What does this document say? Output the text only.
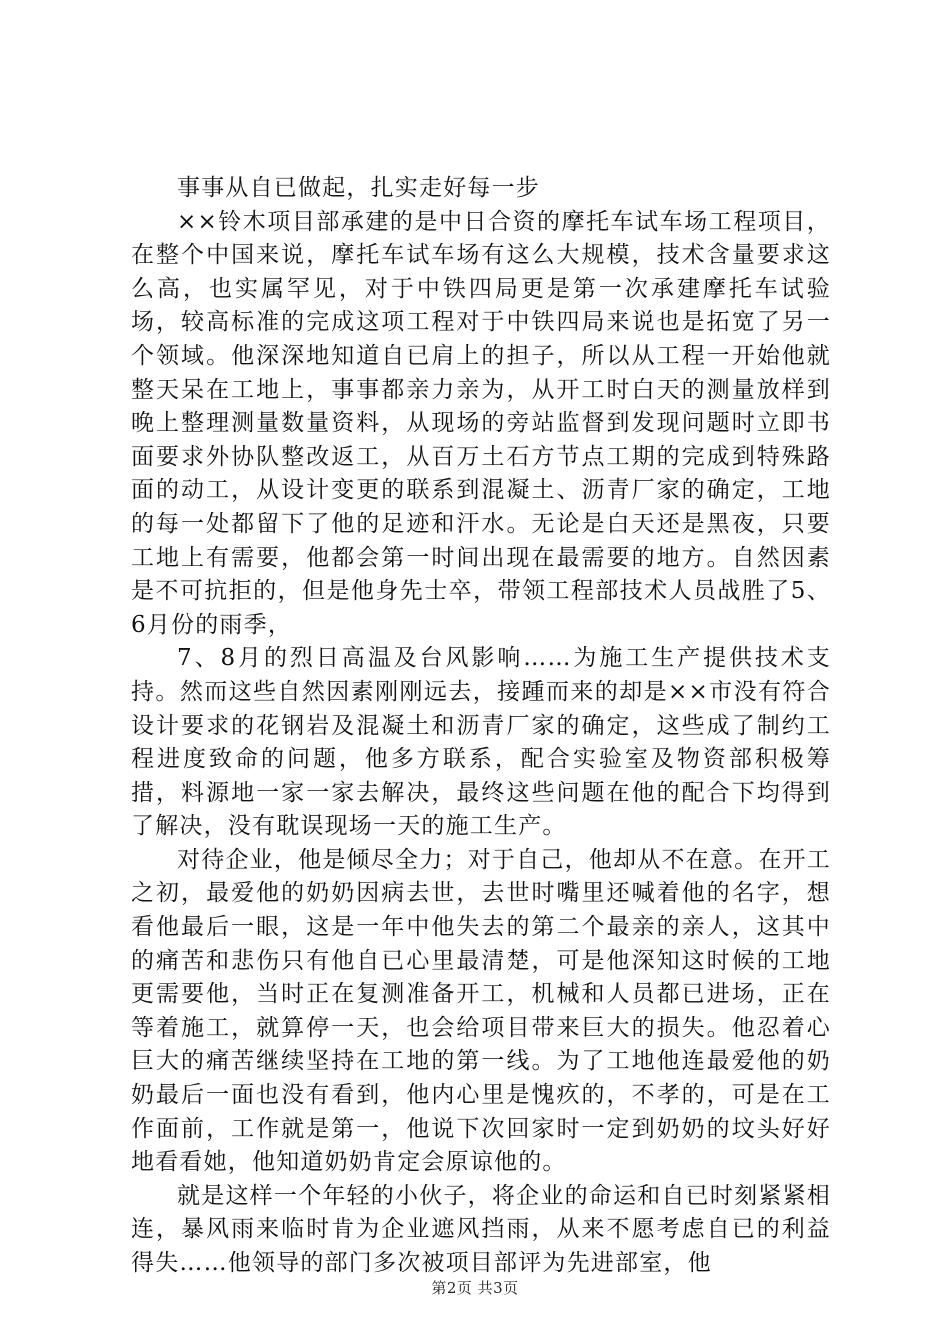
事事从自已做起，扎实走好每一步

××铃木项目部承建的是中日合资的摩托车试车场工程项目，在整个中国来说，摩托车试车场有这么大规模，技术含量要求这么高，也实属罕见，对于中铁四局更是第一次承建摩托车试验场，较高标准的完成这项工程对于中铁四局来说也是拓宽了另一个领域。他深深地知道自已肩上的担子，所以从工程一开始他就整天呆在工地上，事事都亲力亲为，从开工时白天的测量放样到晚上整理测量数量资料，从现场的旁站监督到发现问题时立即书面要求外协队整改返工，从百万土石方节点工期的完成到特殊路面的动工，从设计变更的联系到混凝土、沥青厂家的确定，工地的每一处都留下了他的足迹和汗水。无论是白天还是黑夜，只要工地上有需要，他都会第一时间出现在最需要的地方。自然因素是不可抗拒的，但是他身先士卒，带领工程部技术人员战胜了5、6月份的雨季，

7、8月的烈日高温及台风影响……为施工生产提供技术支持。然而这些自然因素刚刚远去，接踵而来的却是××市没有符合设计要求的花钢岩及混凝土和沥青厂家的确定，这些成了制约工程进度致命的问题，他多方联系，配合实验室及物资部积极筹措，料源地一家一家去解决，最终这些问题在他的配合下均得到了解决，没有耽误现场一天的施工生产。

对待企业，他是倾尽全力；对于自己，他却从不在意。在开工之初，最爱他的奶奶因病去世，去世时嘴里还喊着他的名字，想看他最后一眼，这是一年中他失去的第二个最亲的亲人，这其中的痛苦和悲伤只有他自已心里最清楚，可是他深知这时候的工地更需要他，当时正在复测准备开工，机械和人员都已进场，正在等着施工，就算停一天，也会给项目带来巨大的损失。他忍着心巨大的痛苦继续坚持在工地的第一线。为了工地他连最爱他的奶奶最后一面也没有看到，他内心里是愧疚的，不孝的，可是在工作面前，工作就是第一，他说下次回家时一定到奶奶的坟头好好地看看她，他知道奶奶肯定会原谅他的。

就是这样一个年轻的小伙子，将企业的命运和自已时刻紧紧相连，暴风雨来临时肯为企业遮风挡雨，从来不愿考虑自已的利益得失……他领导的部门多次被项目部评为先进部室，他

第2页 共3页
